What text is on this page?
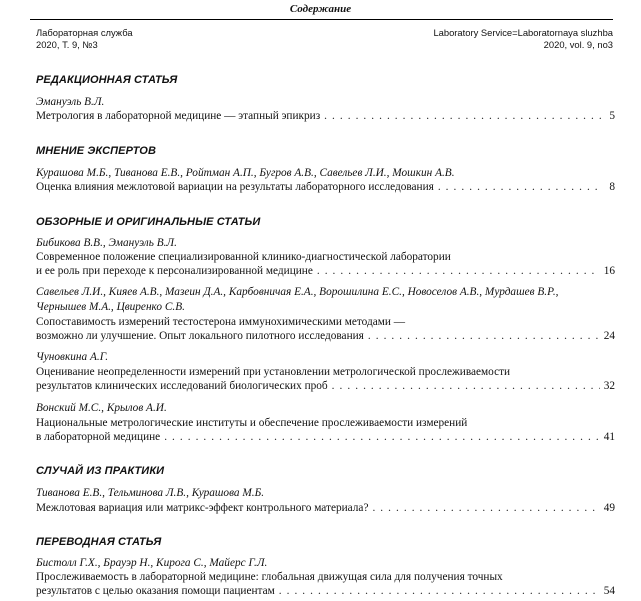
Содержание
Лабораторная служба
2020, Т. 9, №3
Laboratory Service=Laboratornaya sluzhba
2020, vol. 9, no3
РЕДАКЦИОННАЯ СТАТЬЯ
Эмануэль В.Л.
Метрология в лабораторной медицине — этапный эпикриз . . .	5
МНЕНИЕ ЭКСПЕРТОВ
Курашова М.Б., Тиванова Е.В., Ройтман А.П., Бугров А.В., Савельев Л.И., Мошкин А.В.
Оценка влияния межлотовой вариации на результаты лабораторного исследования . . .	8
ОБЗОРНЫЕ И ОРИГИНАЛЬНЫЕ СТАТЬИ
Бибикова В.В., Эмануэль В.Л.
Современное положение специализированной клинико-диагностической лаборатории
и ее роль при переходе к персонализированной медицине . . .	16
Савельев Л.И., Кияев А.В., Мазеин Д.А., Карбовничая Е.А., Ворошилина Е.С., Новоселов А.В., Мурдашев В.Р.,
Чернышев М.А., Цвиренко С.В.
Сопоставимость измерений тестостерона иммунохимическими методами —
возможно ли улучшение. Опыт локального пилотного исследования . . .	24
Чуновкина А.Г.
Оценивание неопределенности измерений при установлении метрологической прослеживаемости
результатов клинических исследований биологических проб . . .	32
Вонский М.С., Крылов А.И.
Национальные метрологические институты и обеспечение прослеживаемости измерений
в лабораторной медицине . . .	41
СЛУЧАЙ ИЗ ПРАКТИКИ
Тиванова Е.В., Тельминова Л.В., Курашова М.Б.
Межлотовая вариация или матрикс-эффект контрольного материала? . . .	49
ПЕРЕВОДНАЯ СТАТЬЯ
Бистолл Г.Х., Брауэр Н., Кирога С., Майерс Г.Л.
Прослеживаемость в лабораторной медицине: глобальная движущая сила для получения точных
результатов с целью оказания помощи пациентам . . .	54
